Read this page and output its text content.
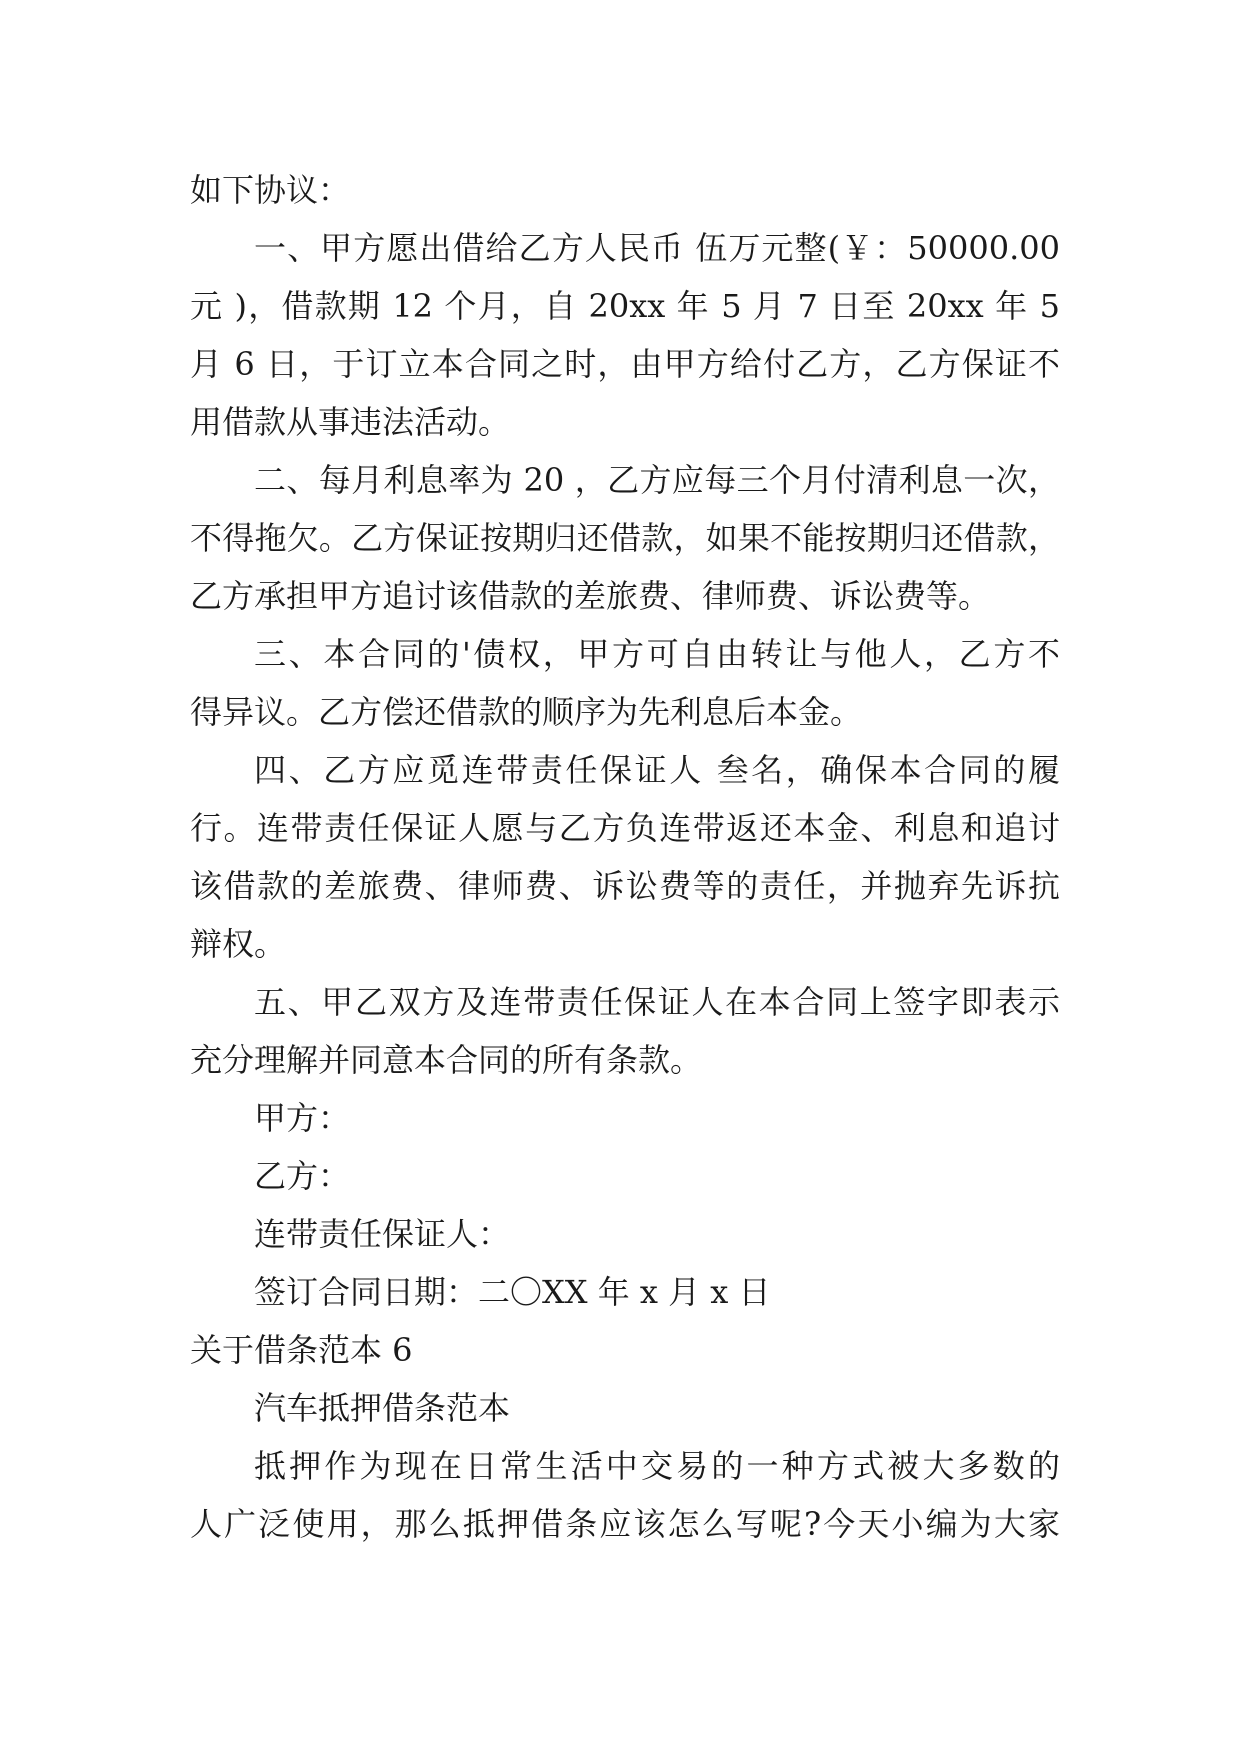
如下协议：
一、甲方愿出借给乙方人民币 伍万元整(￥：50000.00
元 )，借款期 12 个月，自 20xx 年 5 月 7 日至 20xx 年 5
月 6 日，于订立本合同之时，由甲方给付乙方，乙方保证不
用借款从事违法活动。
二、每月利息率为 20 ，乙方应每三个月付清利息一次，
不得拖欠。乙方保证按期归还借款，如果不能按期归还借款，
乙方承担甲方追讨该借款的差旅费、律师费、诉讼费等。
三、本合同的'债权，甲方可自由转让与他人，乙方不
得异议。乙方偿还借款的顺序为先利息后本金。
四、乙方应觅连带责任保证人 叁名，确保本合同的履
行。连带责任保证人愿与乙方负连带返还本金、利息和追讨
该借款的差旅费、律师费、诉讼费等的责任，并抛弃先诉抗
辩权。
五、甲乙双方及连带责任保证人在本合同上签字即表示
充分理解并同意本合同的所有条款。
甲方：
乙方：
连带责任保证人：
签订合同日期：二〇XX 年 x 月 x 日
关于借条范本 6
汽车抵押借条范本
抵押作为现在日常生活中交易的一种方式被大多数的
人广泛使用，那么抵押借条应该怎么写呢?今天小编为大家
